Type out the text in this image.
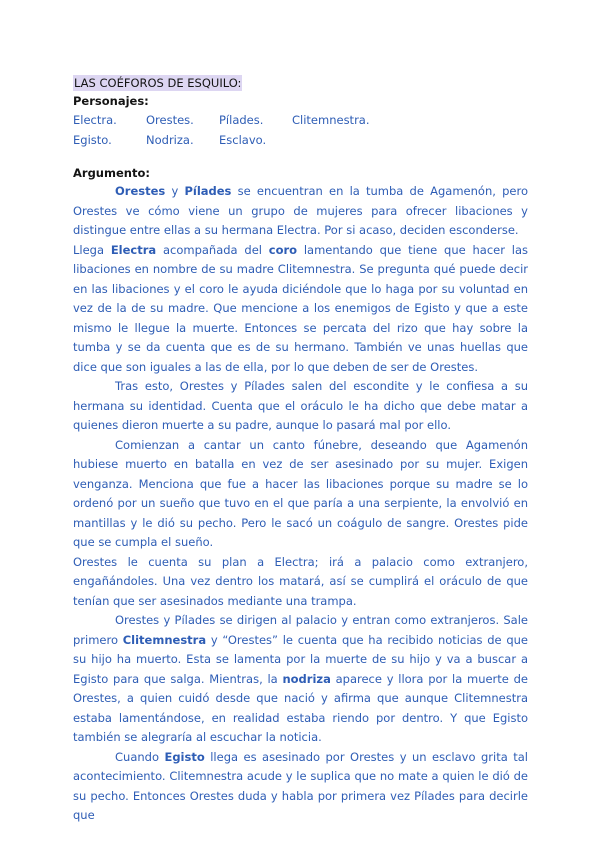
LAS COÉFOROS DE ESQUILO:
Personajes:
Electra.	Orestes.	Pílades.	Clitemnestra.
Egisto.	Nodriza.	Esclavo.
Argumento:

Orestes y Pílades se encuentran en la tumba de Agamenón, pero Orestes ve cómo viene un grupo de mujeres para ofrecer libaciones y distingue entre ellas a su hermana Electra. Por si acaso, deciden esconderse.

Llega Electra acompañada del coro lamentando que tiene que hacer las libaciones en nombre de su madre Clitemnestra. Se pregunta qué puede decir en las libaciones y el coro le ayuda diciéndole que lo haga por su voluntad en vez de la de su madre. Que mencione a los enemigos de Egisto y que a este mismo le llegue la muerte. Entonces se percata del rizo que hay sobre la tumba y se da cuenta que es de su hermano. También ve unas huellas que dice que son iguales a las de ella, por lo que deben de ser de Orestes.

Tras esto, Orestes y Pílades salen del escondite y le confiesa a su hermana su identidad. Cuenta que el oráculo le ha dicho que debe matar a quienes dieron muerte a su padre, aunque lo pasará mal por ello.

Comienzan a cantar un canto fúnebre, deseando que Agamenón hubiese muerto en batalla en vez de ser asesinado por su mujer. Exigen venganza. Menciona que fue a hacer las libaciones porque su madre se lo ordenó por un sueño que tuvo en el que paría a una serpiente, la envolvió en mantillas y le dió su pecho. Pero le sacó un coágulo de sangre. Orestes pide que se cumpla el sueño.

Orestes le cuenta su plan a Electra; irá a palacio como extranjero, engañándoles. Una vez dentro los matará, así se cumplirá el oráculo de que tenían que ser asesinados mediante una trampa.

Orestes y Pílades se dirigen al palacio y entran como extranjeros. Sale primero Clitemnestra y “Orestes” le cuenta que ha recibido noticias de que su hijo ha muerto. Esta se lamenta por la muerte de su hijo y va a buscar a Egisto para que salga. Mientras, la nodriza aparece y llora por la muerte de Orestes, a quien cuidó desde que nació y afirma que aunque Clitemnestra estaba lamentándose, en realidad estaba riendo por dentro. Y que Egisto también se alegraría al escuchar la noticia.

Cuando Egisto llega es asesinado por Orestes y un esclavo grita tal acontecimiento. Clitemnestra acude y le suplica que no mate a quien le dió de su pecho. Entonces Orestes duda y habla por primera vez Pílades para decirle que
